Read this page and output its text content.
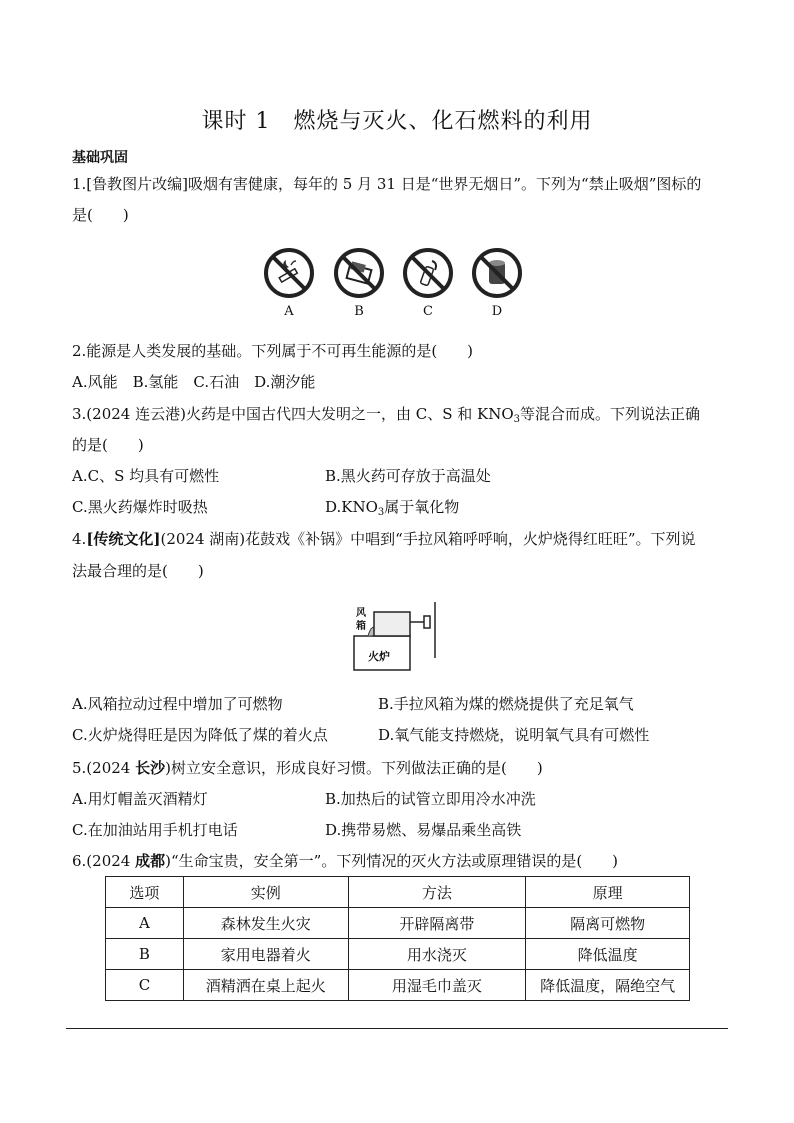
课时 1　燃烧与灭火、化石燃料的利用
基础巩固
1.[鲁教图片改编]吸烟有害健康，每年的 5 月 31 日是“世界无烟日”。下列为“禁止吸烟”图标的
是(　　)
A	B	C	D
2.能源是人类发展的基础。下列属于不可再生能源的是(　　)
A.风能　B.氢能　C.石油　D.潮汐能
3.(2024 连云港)火药是中国古代四大发明之一，由 C、S 和 $KNO_3$等混合而成。下列说法正确
的是(　　)
A.C、S 均具有可燃性	B.黑火药可存放于高温处
C.黑火药爆炸时吸热	$D.KNO_3$属于氧化物
4.[传统文化](2024 湖南)花鼓戏《补锅》中唱到“手拉风箱呼呼响，火炉烧得红旺旺”。下列说
法最合理的是(　　)
风
箱
火炉
A.风箱拉动过程中增加了可燃物	B.手拉风箱为煤的燃烧提供了充足氧气
C.火炉烧得旺是因为降低了煤的着火点	D.氧气能支持燃烧，说明氧气具有可燃性
5.(2024 长沙)树立安全意识，形成良好习惯。下列做法正确的是(　　)
A.用灯帽盖灭酒精灯	B.加热后的试管立即用冷水冲洗
C.在加油站用手机打电话	D.携带易燃、易爆品乘坐高铁
6.(2024 成都)“生命宝贵，安全第一”。下列情况的灭火方法或原理错误的是(　　)
选项	实例	方法	原理
A	森林发生火灾	开辟隔离带	隔离可燃物
B	家用电器着火	用水浇灭	降低温度
C	酒精洒在桌上起火	用湿毛巾盖灭	降低温度，隔绝空气
